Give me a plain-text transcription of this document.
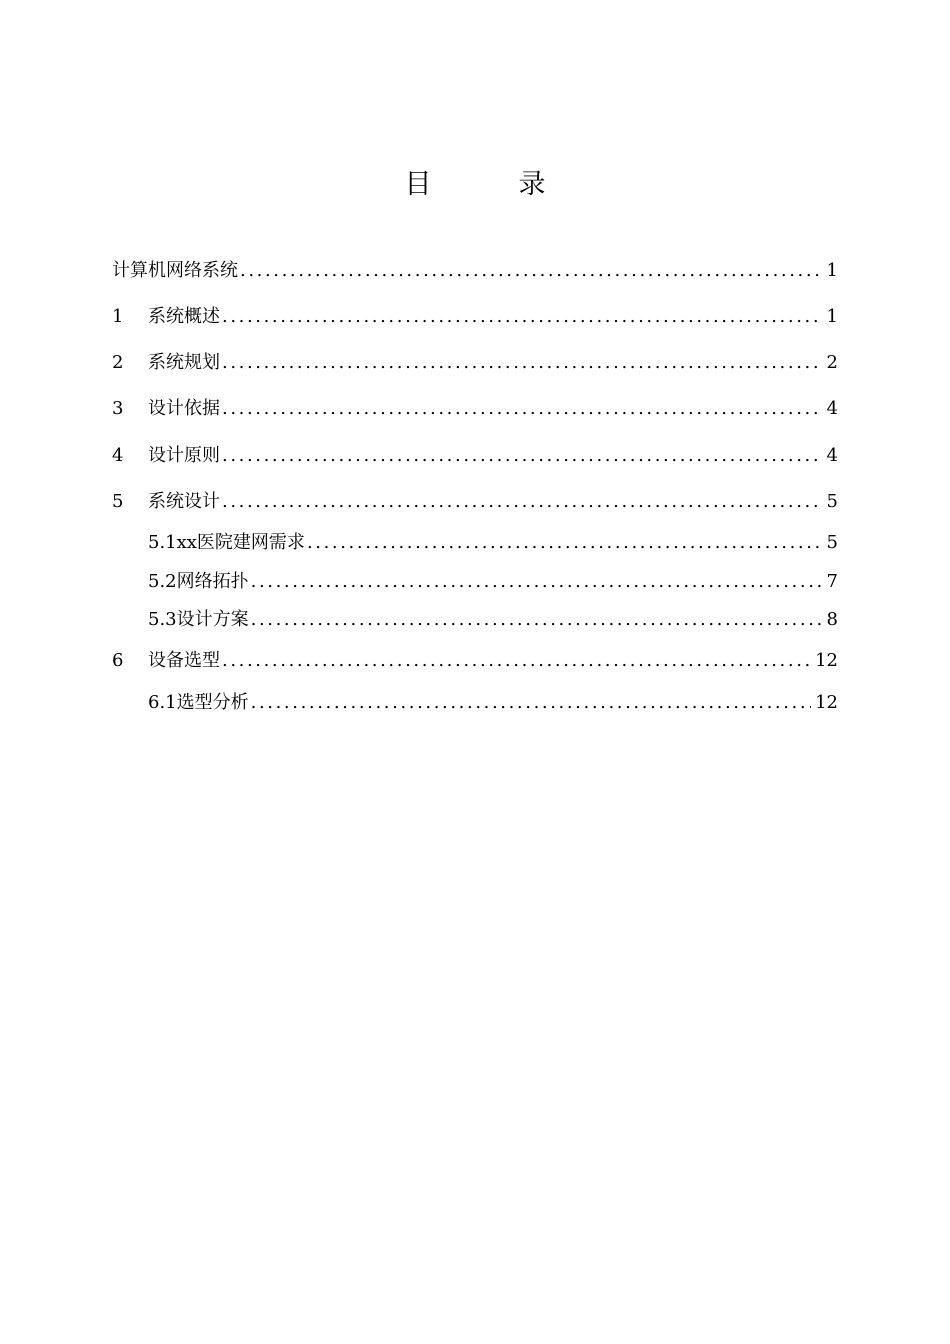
目　录
计算机网络系统 .....	1
1	系统概述 .....	1
2	系统规划 .....	2
3	设计依据 .....	4
4	设计原则 .....	4
5	系统设计 .....	5
5.1xx医院建网需求 .....	5
5.2网络拓扑 .....	7
5.3设计方案 .....	8
6	设备选型 .....	12
6.1选型分析 .....	12
